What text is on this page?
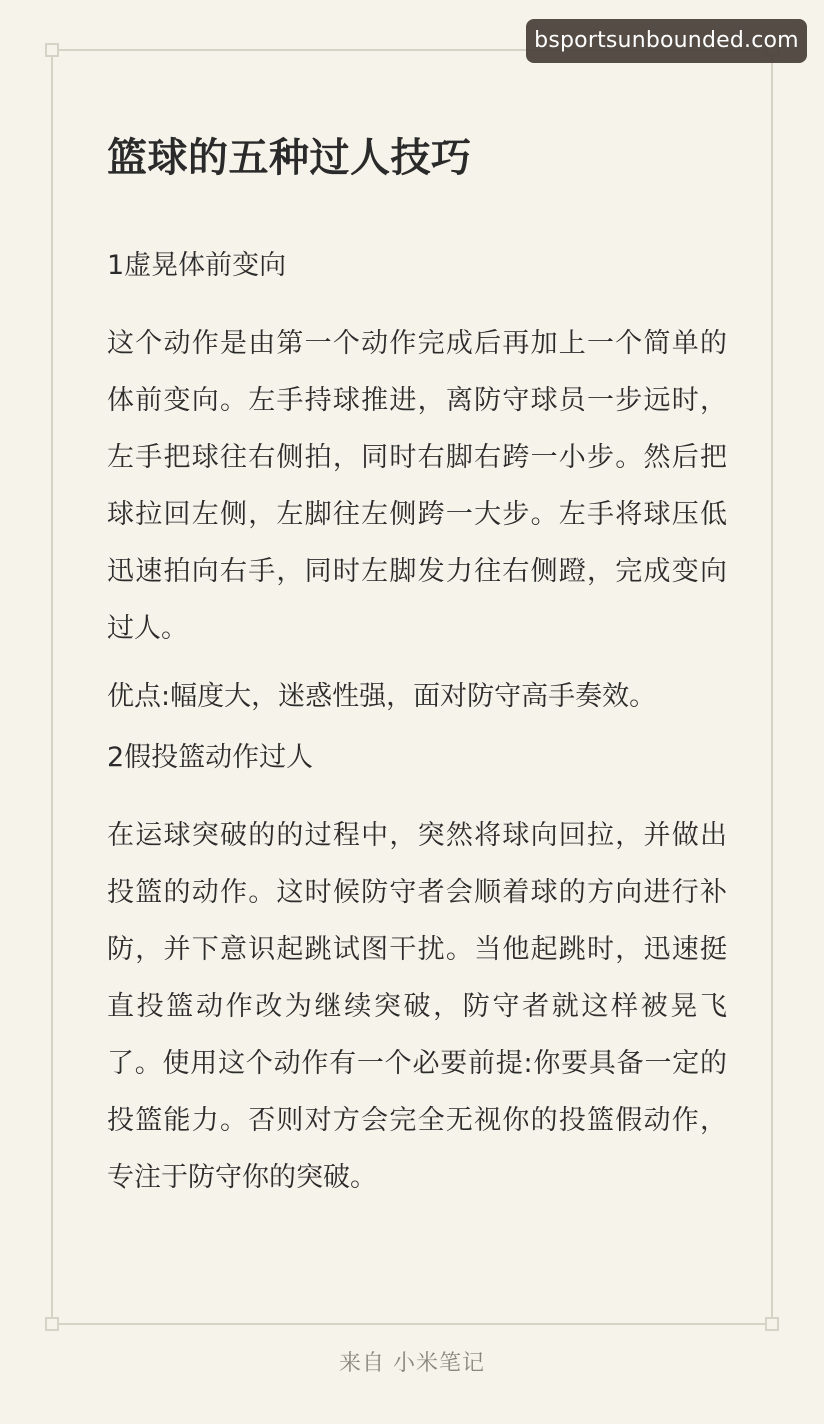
bsportsunbounded.com
篮球的五种过人技巧
1虚晃体前变向
这个动作是由第一个动作完成后再加上一个简单的体前变向。左手持球推进，离防守球员一步远时，左手把球往右侧拍，同时右脚右跨一小步。然后把球拉回左侧，左脚往左侧跨一大步。左手将球压低迅速拍向右手，同时左脚发力往右侧蹬，完成变向过人。
优点:幅度大，迷惑性强，面对防守高手奏效。
2假投篮动作过人
在运球突破的的过程中，突然将球向回拉，并做出投篮的动作。这时候防守者会顺着球的方向进行补防，并下意识起跳试图干扰。当他起跳时，迅速挺直投篮动作改为继续突破，防守者就这样被晃飞了。使用这个动作有一个必要前提:你要具备一定的投篮能力。否则对方会完全无视你的投篮假动作，专注于防守你的突破。
来自 小米笔记
